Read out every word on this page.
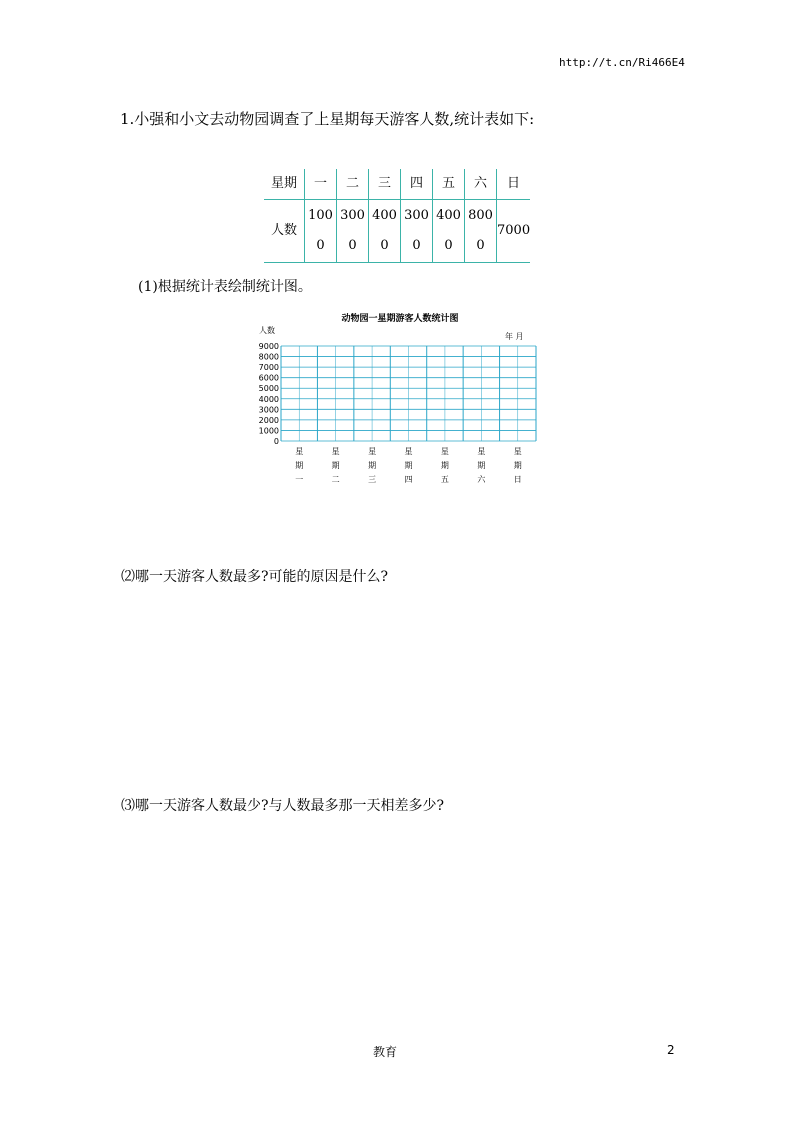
http://t.cn/Ri466E4
1.小强和小文去动物园调查了上星期每天游客人数,统计表如下:
星期	一	二	三	四	五	六	日
人数	1000	3000	4000	3000	4000	8000	7000
(1)根据统计表绘制统计图。
动物园一星期游客人数统计图
人数
年 月
0
1000
2000
3000
4000
5000
6000
7000
8000
9000
星
期
一
星
期
二
星
期
三
星
期
四
星
期
五
星
期
六
星
期
日
⑵哪一天游客人数最多?可能的原因是什么?
⑶哪一天游客人数最少?与人数最多那一天相差多少?
教育	2
